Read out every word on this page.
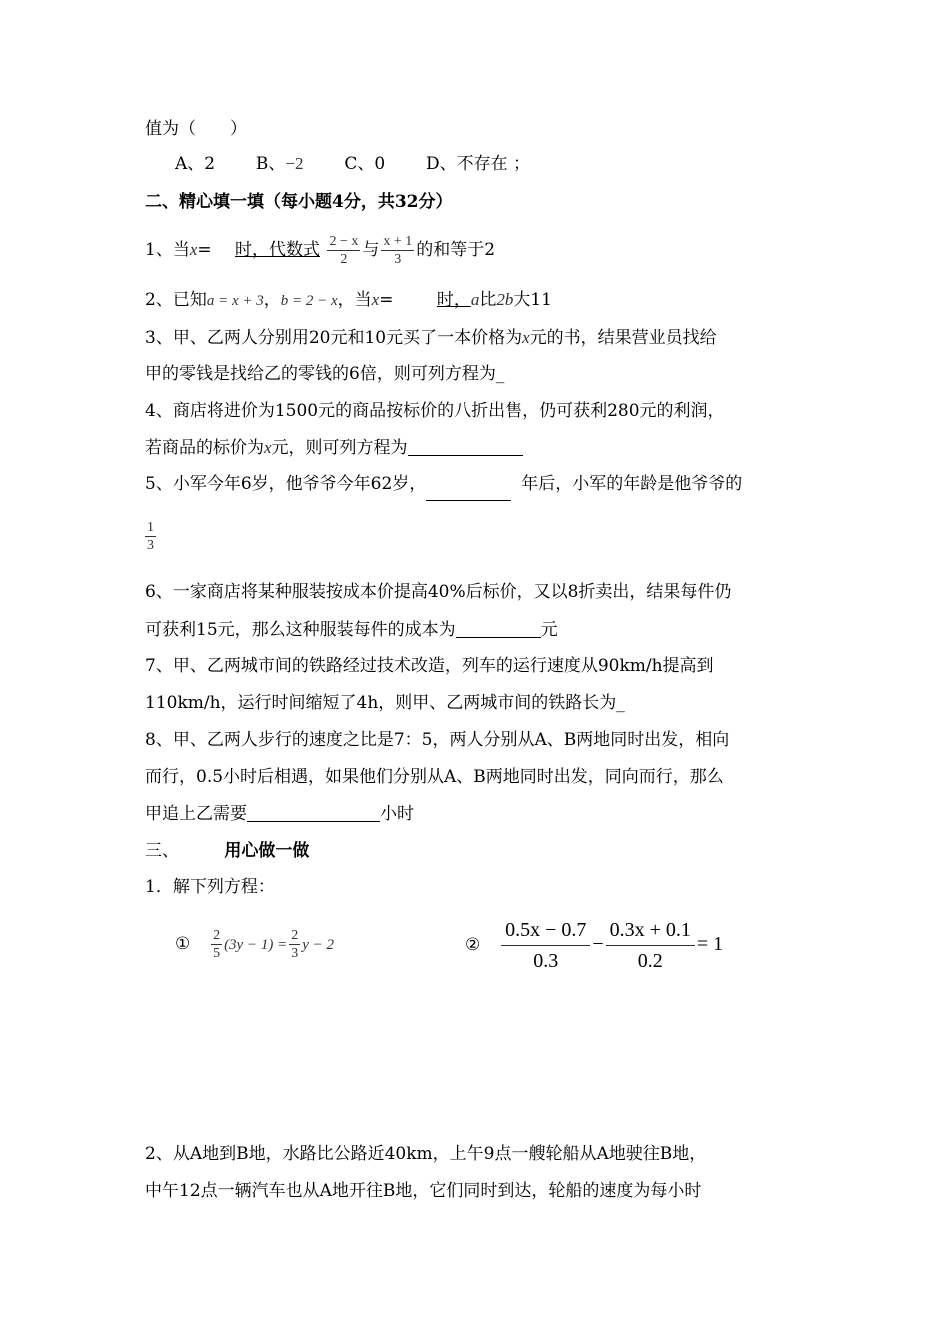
值为（　　）
A、2 B、−2 C、0 D、不存在 ；
二、精心填一填（每小题4分，共32分）
1、当x= 时，代数式 $\frac{2 - x}{2}$ 与 $\frac{x + 1}{3}$ 的和等于2
2、已知a = x + 3，b = 2 − x，当x=	时，a比2b大11
3、甲、乙两人分别用20元和10元买了一本价格为x元的书，结果营业员找给
甲的零钱是找给乙的零钱的6倍，则可列方程为_
4、商店将进价为1500元的商品按标价的八折出售，仍可获利280元的利润，
若商品的标价为x元，则可列方程为
5、小军今年6岁，他爷爷今年62岁，	年后，小军的年龄是他爷爷的
$\frac{1}{3}$
6、一家商店将某种服装按成本价提高40%后标价，又以8折卖出，结果每件仍
可获利15元，那么这种服装每件的成本为	元
7、甲、乙两城市间的铁路经过技术改造，列车的运行速度从90km/h提高到
110km/h，运行时间缩短了4h，则甲、乙两城市间的铁路长为_
8、甲、乙两人步行的速度之比是7：5，两人分别从A、B两地同时出发，相向
而行，0.5小时后相遇，如果他们分别从A、B两地同时出发，同向而行，那么
甲追上乙需要	小时
三、	用心做一做
1．解下列方程：
① $\frac{2}{5} (3y - 1) = \frac{2}{3}$ y − 2	② $\frac{0.5x - 0.7}{0.3} - \frac{0.3x + 0.1}{0.2} = 1$
2、从A地到B地，水路比公路近40km，上午9点一艘轮船从A地驶往B地，
中午12点一辆汽车也从A地开往B地，它们同时到达，轮船的速度为每小时
